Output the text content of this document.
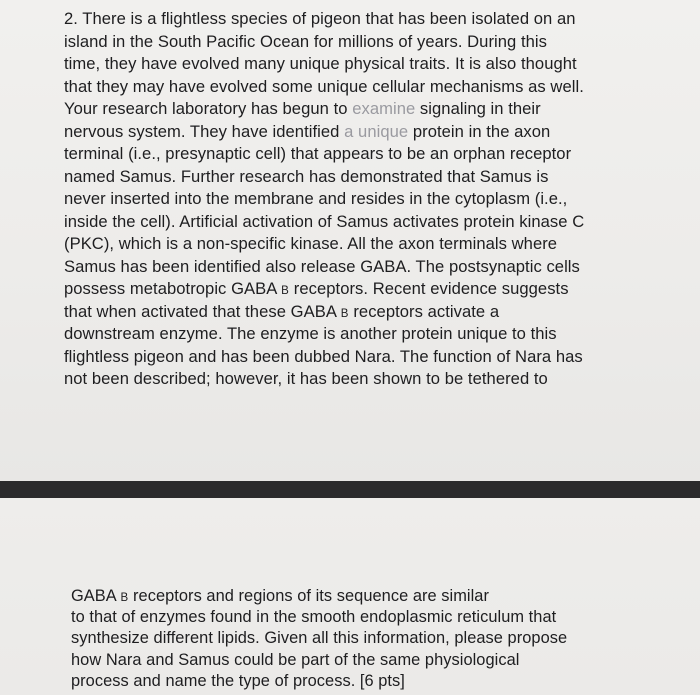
2. There is a flightless species of pigeon that has been isolated on an
island in the South Pacific Ocean for millions of years. During this
time, they have evolved many unique physical traits. It is also thought
that they may have evolved some unique cellular mechanisms as well.
Your research laboratory has begun to examine signaling in their
nervous system. They have identified a unique protein in the axon
terminal (i.e., presynaptic cell) that appears to be an orphan receptor
named Samus. Further research has demonstrated that Samus is
never inserted into the membrane and resides in the cytoplasm (i.e.,
inside the cell). Artificial activation of Samus activates protein kinase C
(PKC), which is a non-specific kinase. All the axon terminals where
Samus has been identified also release GABA. The postsynaptic cells
possess metabotropic GABA B receptors. Recent evidence suggests
that when activated that these GABA B receptors activate a
downstream enzyme. The enzyme is another protein unique to this
flightless pigeon and has been dubbed Nara. The function of Nara has
not been described; however, it has been shown to be tethered to
GABA B receptors and regions of its sequence are similar
to that of enzymes found in the smooth endoplasmic reticulum that
synthesize different lipids. Given all this information, please propose
how Nara and Samus could be part of the same physiological
process and name the type of process. [6 pts]
